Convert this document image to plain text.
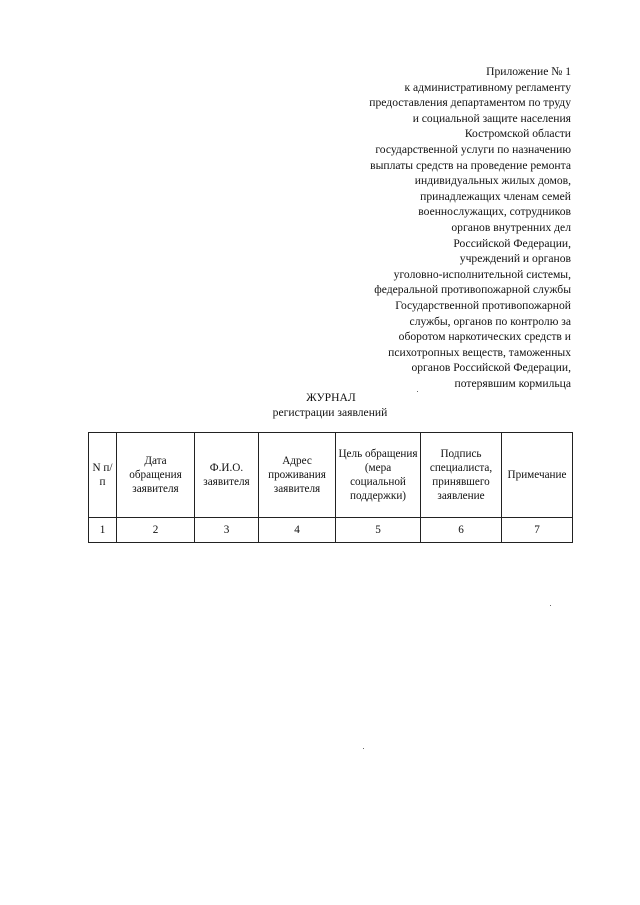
Приложение № 1
к административному регламенту
предоставления департаментом по труду
и социальной защите населения
Костромской области
государственной услуги по назначению
выплаты средств на проведение ремонта
индивидуальных жилых домов,
принадлежащих членам семей
военнослужащих, сотрудников
органов внутренних дел
Российской Федерации,
учреждений и органов
уголовно-исполнительной системы,
федеральной противопожарной службы
Государственной противопожарной
службы, органов по контролю за
оборотом наркотических средств и
психотропных веществ, таможенных
органов Российской Федерации,
потерявшим кормильца
ЖУРНАЛ
регистрации заявлений
N п/п	Дата обращения заявителя	Ф.И.О. заявителя	Адрес проживания заявителя	Цель обращения (мера социальной поддержки)	Подпись специалиста, принявшего заявление	Примечание
1	2	3	4	5	6	7
